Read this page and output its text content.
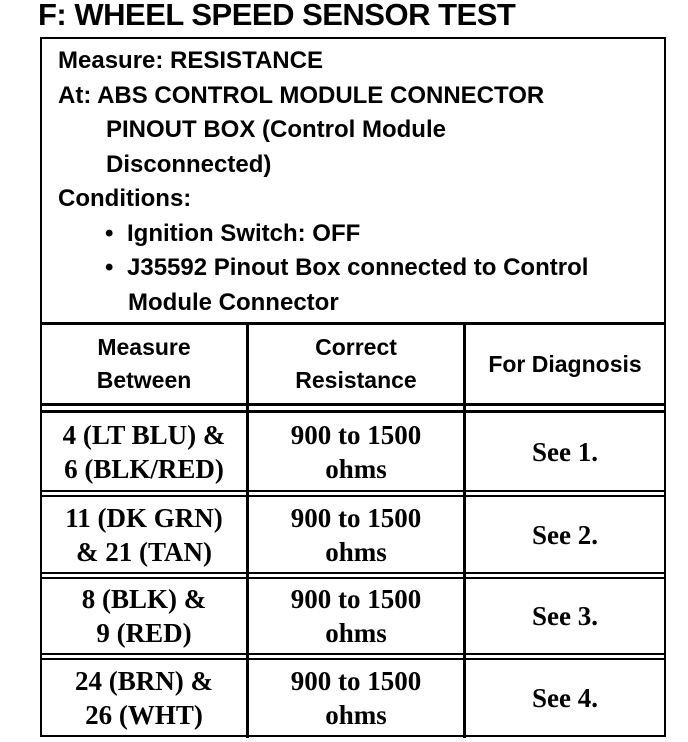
F: WHEEL SPEED SENSOR TEST
Measure: RESISTANCE
At: ABS CONTROL MODULE CONNECTOR
PINOUT BOX (Control Module
Disconnected)
Conditions:
• Ignition Switch: OFF
• J35592 Pinout Box connected to Control
Module Connector
Measure
Between
Correct
Resistance
For Diagnosis
4 (LT BLU) &
6 (BLK/RED)
900 to 1500
ohms
See 1.
11 (DK GRN)
& 21 (TAN)
900 to 1500
ohms
See 2.
8 (BLK) &
9 (RED)
900 to 1500
ohms
See 3.
24 (BRN) &
26 (WHT)
900 to 1500
ohms
See 4.
